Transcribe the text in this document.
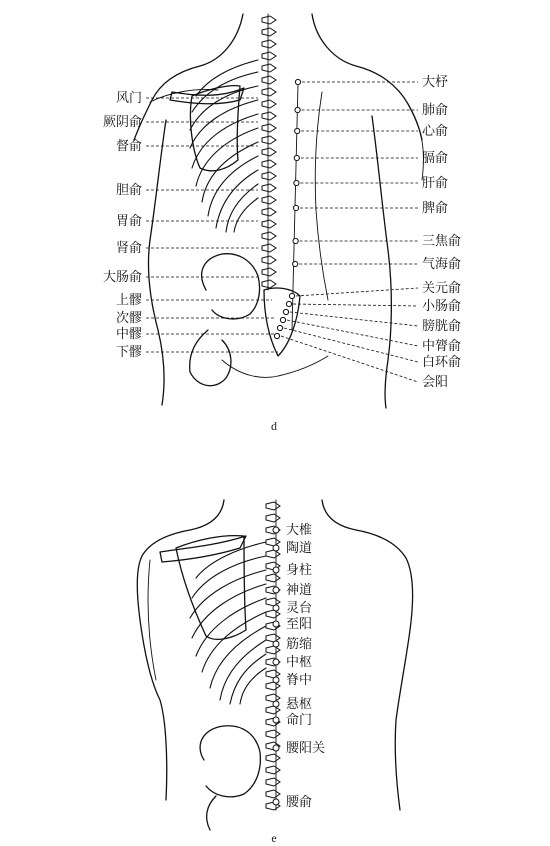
风门
厥阴俞
督俞
胆俞
胃俞
肾俞
大肠俞
上髎
次髎
中髎
下髎
大杼
肺俞
心俞
膈俞
肝俞
脾俞
三焦俞
气海俞
关元俞
小肠俞
膀胱俞
中膂俞
白环俞
会阳
d
大椎
陶道
身柱
神道
灵台
至阳
筋缩
中枢
脊中
悬枢
命门
腰阳关
腰俞
e
